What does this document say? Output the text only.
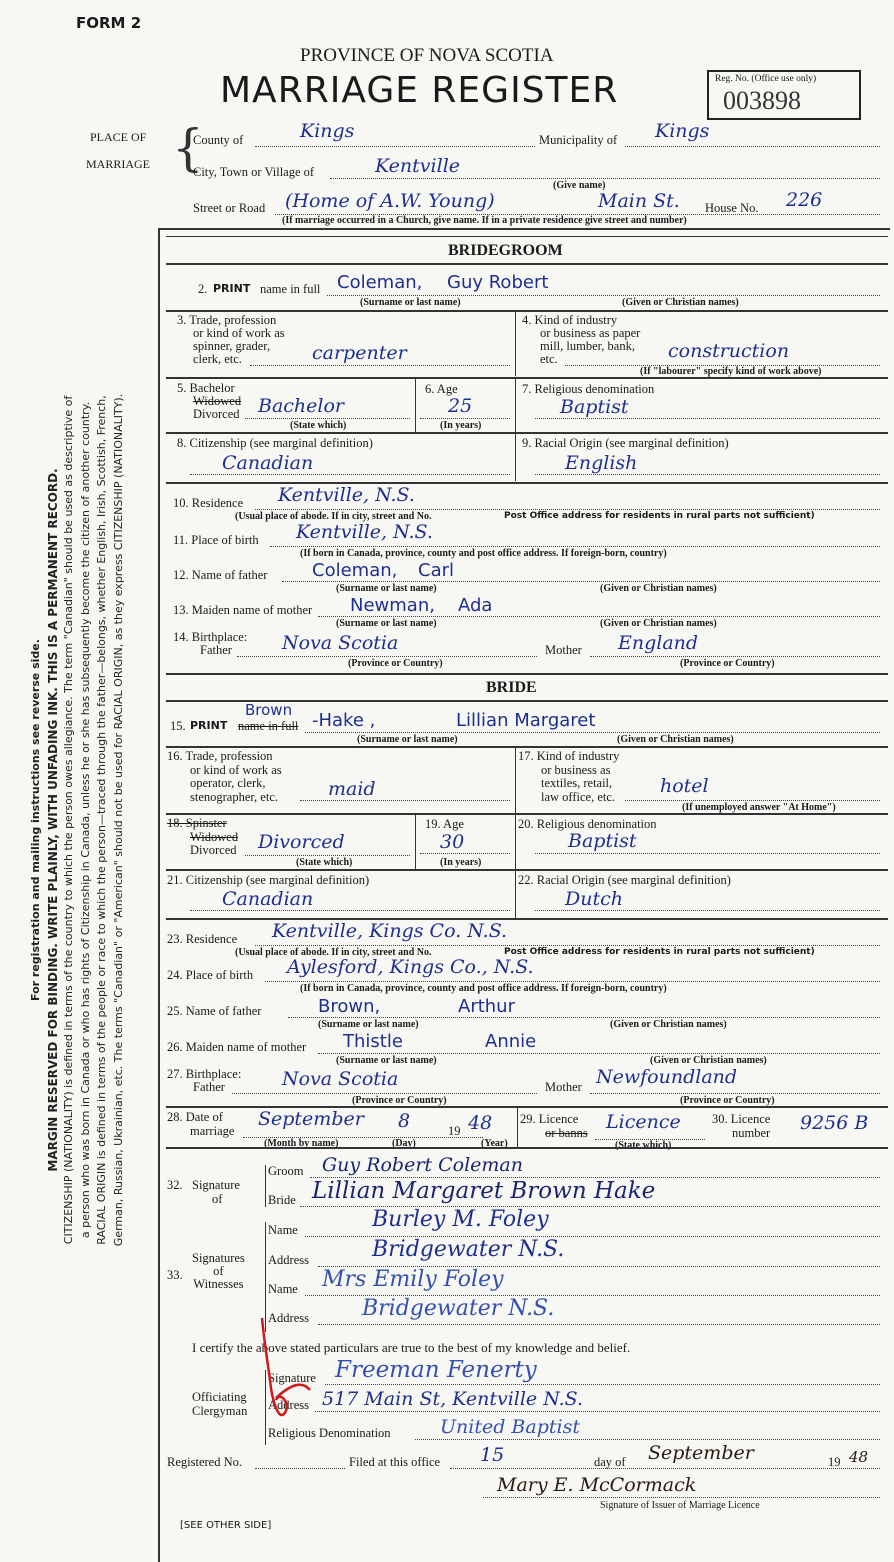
FORM 2
PROVINCE OF NOVA SCOTIA
MARRIAGE REGISTER	Reg. No. (Office use only)
003898
PLACE OF
MARRIAGE {
County of	Kings	Municipality of Kings
City, Town or Village of	Kentville
(Give name)
Street or Road (Home of A.W. Young)	Main St. House No. 226
(If marriage occurred in a Church, give name. If in a private residence give street and number)
For registration and mailing instructions see reverse side. MARGIN RESERVED FOR BINDING. WRITE PLAINLY, WITH UNFADING INK. THIS IS A PERMANENT RECORD. CITIZENSHIP (NATIONALITY) is defined in terms of the country to which the person owes allegiance. The term "Canadian" should be used as descriptive of a person who was born in Canada or who has rights of Citizenship in Canada, unless he or she has subsequently become the citizen of another country. RACIAL ORIGIN is defined in terms of the people or race to which the person—traced through the father—belongs, whether English, Irish, Scottish, French, German, Russian, Ukrainian, etc. The terms "Canadian" or "American" should not be used for RACIAL ORIGIN, as they express CITIZENSHIP (NATIONALITY).
BRIDEGROOM
2. PRINT name in full Coleman, Guy Robert
(Surname or last name)	(Given or Christian names)
3. Trade, profession
or kind of work as
spinner, grader,
clerk, etc.	carpenter
4. Kind of industry
or business as paper
mill, lumber, bank,
etc.	construction
(If "labourer" specify kind of work above)
5. Bachelor
Widowed
Divorced Bachelor
(State which)
6. Age
25
(In years)
7. Religious denomination
Baptist
8. Citizenship (see marginal definition)
Canadian
9. Racial Origin (see marginal definition)
English
10. Residence Kentville, N.S.
(Usual place of abode. If in city, street and No.	Post Office address for residents in rural parts not sufficient)
11. Place of birth Kentville, N.S.
(If born in Canada, province, county and post office address. If foreign-born, country)
12. Name of father Coleman, Carl
(Surname or last name)	(Given or Christian names)
13. Maiden name of mother Newman, Ada
(Surname or last name)	(Given or Christian names)
14. Birthplace:
Father	Nova Scotia
(Province or Country)
Mother England
(Province or Country)
BRIDE
15. PRINT name in full
Brown -Hake ,	Lillian Margaret
(Surname or last name)	(Given or Christian names)
16. Trade, profession
or kind of work as
operator, clerk,
stenographer, etc.	maid
17. Kind of industry
or business as
textiles, retail,
law office, etc. hotel
(If unemployed answer "At Home")
18. Spinster
Widowed
Divorced Divorced
(State which)
19. Age
30
(In years)
20. Religious denomination
Baptist
21. Citizenship (see marginal definition)
Canadian
22. Racial Origin (see marginal definition)
Dutch
23. Residence Kentville, Kings Co. N.S.
(Usual place of abode. If in city, street and No.	Post Office address for residents in rural parts not sufficient)
24. Place of birth Aylesford, Kings Co., N.S.
(If born in Canada, province, county and post office address. If foreign-born, country)
25. Name of father	Brown,	Arthur
(Surname or last name)	(Given or Christian names)
26. Maiden name of mother Thistle	Annie
(Surname or last name)	(Given or Christian names)
27. Birthplace:
Father	Nova Scotia
(Province or Country)
Mother Newfoundland
(Province or Country)
28. Date of
marriage
September 8	19 48
(Month by name)	(Day)	(Year)
29. Licence
or banns Licence
(State which)
30. Licence
number 9256 B
32. Signature
of
Groom Guy Robert Coleman
Bride Lillian Margaret Brown Hake
33.
Signatures
of
Witnesses
Name	Burley M. Foley
Address	Bridgewater N.S.
Name Mrs Emily Foley
Address Bridgewater N.S.
I certify the above stated particulars are true to the best of my knowledge and belief.
Officiating
Clergyman
Signature Freeman Fenerty
Address 517 Main St, Kentville N.S.
Religious Denomination	United Baptist
Registered No.	Filed at this office 15	day of September	19 48
Mary E. McCormack
Signature of Issuer of Marriage Licence
[SEE OTHER SIDE]
